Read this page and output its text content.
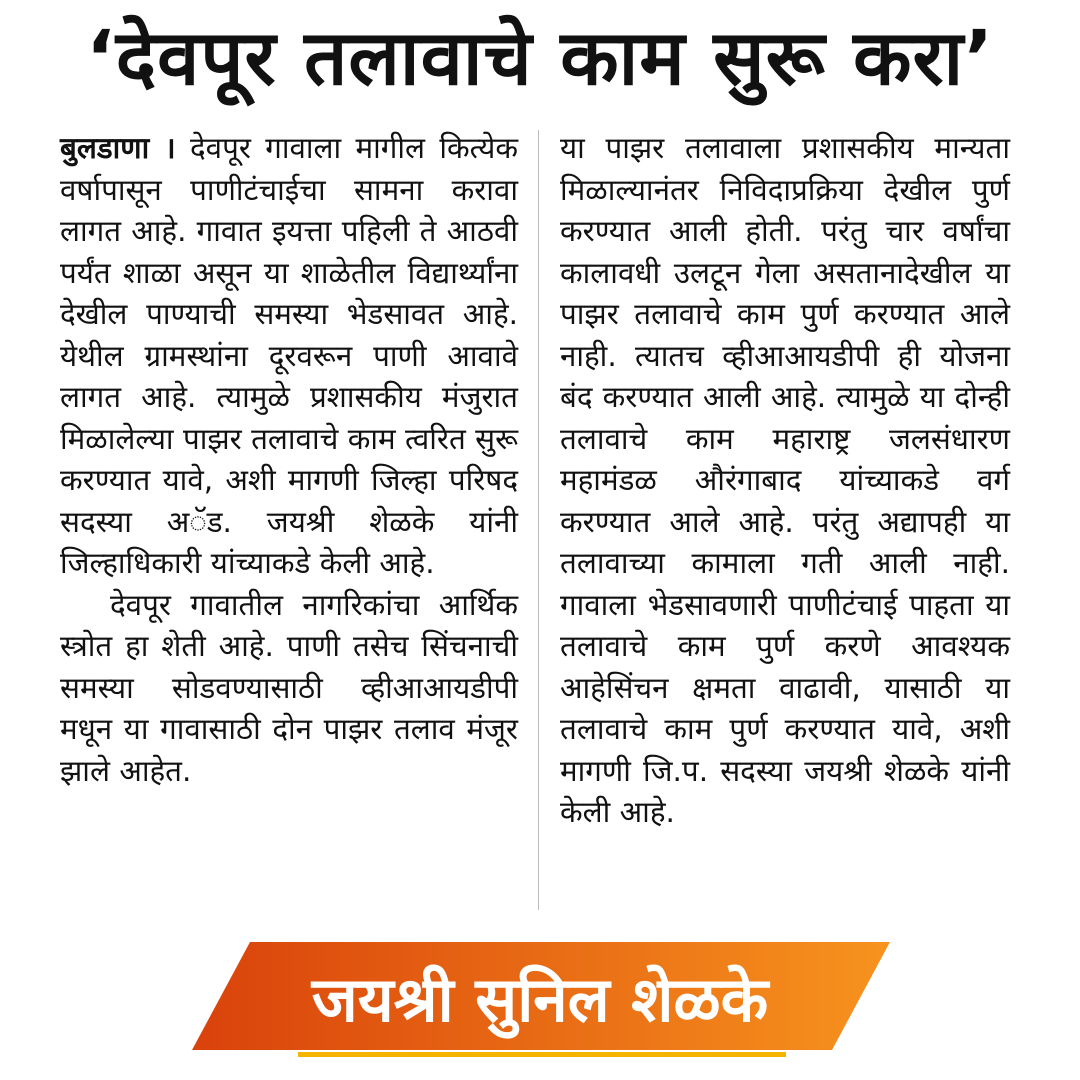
‘देवपूर तलावाचे काम सुरू करा’

बुलडाणा । देवपूर गावाला मागील कित्येक वर्षापासून पाणीटंचाईचा सामना करावा लागत आहे. गावात इयत्ता पहिली ते आठवी पर्यंत शाळा असून या शाळेतील विद्यार्थ्यांना देखील पाण्याची समस्या भेडसावत आहे. येथील ग्रामस्थांना दूरवरून पाणी आवावे लागत आहे. त्यामुळे प्रशासकीय मंजुरात मिळालेल्या पाझर तलावाचे काम त्वरित सुरू करण्यात यावे, अशी मागणी जिल्हा परिषद सदस्या अॅड. जयश्री शेळके यांनी जिल्हाधिकारी यांच्याकडे केली आहे.

देवपूर गावातील नागरिकांचा आर्थिक स्त्रोत हा शेती आहे. पाणी तसेच सिंचनाची समस्या सोडवण्यासाठी व्हीआआयडीपी मधून या गावासाठी दोन पाझर तलाव मंजूर झाले आहेत.

या पाझर तलावाला प्रशासकीय मान्यता मिळाल्यानंतर निविदाप्रक्रिया देखील पुर्ण करण्यात आली होती. परंतु चार वर्षांचा कालावधी उलटून गेला असतानादेखील या पाझर तलावाचे काम पुर्ण करण्यात आले नाही. त्यातच व्हीआआयडीपी ही योजना बंद करण्यात आली आहे. त्यामुळे या दोन्ही तलावाचे काम महाराष्ट्र जलसंधारण महामंडळ औरंगाबाद यांच्याकडे वर्ग करण्यात आले आहे. परंतु अद्यापही या तलावाच्या कामाला गती आली नाही. गावाला भेडसावणारी पाणीटंचाई पाहता या तलावाचे काम पुर्ण करणे आवश्यक आहेसिंचन क्षमता वाढावी, यासाठी या तलावाचे काम पुर्ण करण्यात यावे, अशी मागणी जि.प. सदस्या जयश्री शेळके यांनी केली आहे.

जयश्री सुनिल शेळके
